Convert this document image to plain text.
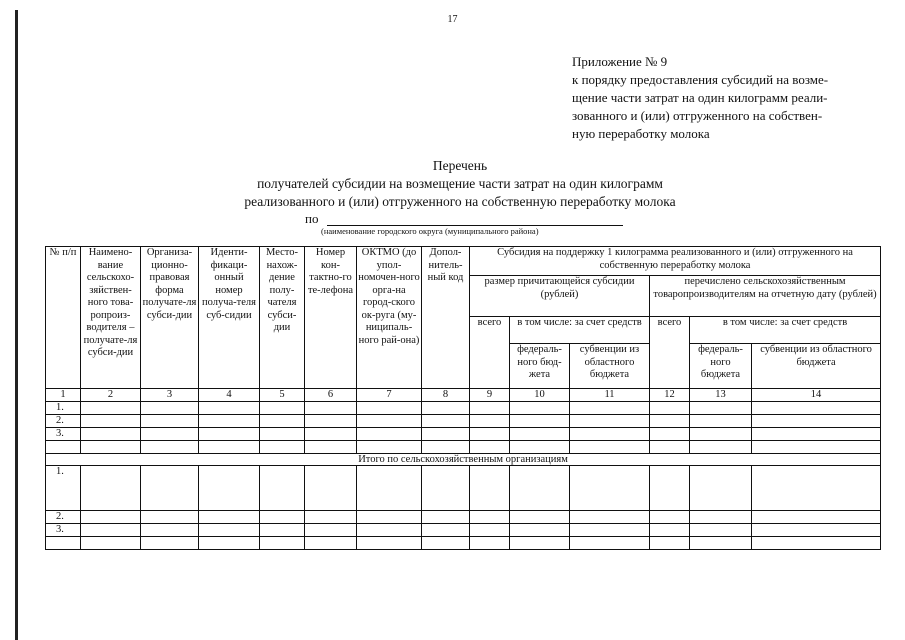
17
Приложение № 9
к порядку предоставления субсидий на возме-
щение части затрат на один килограмм реали-
зованного и (или) отгруженного на собствен-
ную переработку молока
Перечень
получателей субсидии на возмещение части затрат на один килограмм
реализованного и (или) отгруженного на собственную переработку молока
по
(наименование городского округа (муниципального района)
№ п/п	Наимено-вание сельскохо-зяйствен-ного това-ропроиз-водителя – получате-ля субси-дии	Организа-ционно-правовая форма получате-ля субси-дии	Иденти-фикаци-онный номер получа-теля суб-сидии	Место-нахож-дение полу-чателя субси-дии	Номер кон-тактно-го те-лефона	ОКТМО (до упол-номочен-ного орга-на город-ского ок-руга (му-ниципаль-ного рай-она)	Допол-нитель-ный код	Субсидия на поддержку 1 килограмма реализованного и (или) отгруженного на собственную переработку молока					
								размер причитающейся субсидии (рублей)			перечислено сельскохозяйственным товаропроизводителям на отчетную дату (рублей)		
								всего	в том числе: за счет средств		всего	в том числе: за счет средств	
									федераль-ного бюд-жета	субвенции из областного бюджета		федераль-ного бюджета	субвенции из областного бюджета
1	2	3	4	5	6	7	8	9	10	11	12	13	14
1.													
2.													
3.													

Итого по сельскохозяйственным организациям													
1.													
2.													
3.													
